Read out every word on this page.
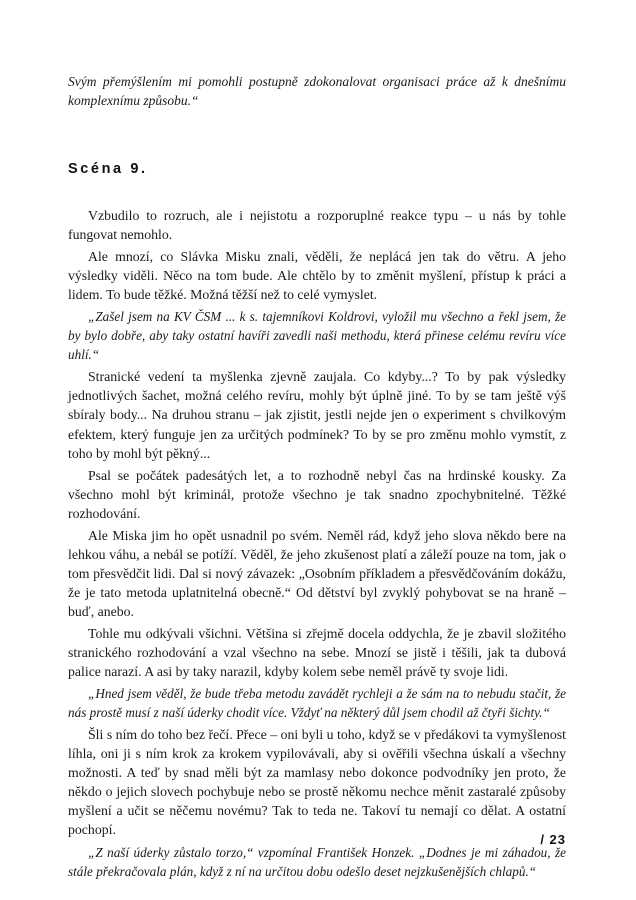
Svým přemýšlením mi pomohli postupně zdokonalovat organisaci práce až k dnešnímu komplexnímu způsobu.“
Scéna 9.

Vzbudilo to rozruch, ale i nejistotu a rozporuplné reakce typu – u nás by tohle fungovat nemohlo.

Ale mnozí, co Slávka Misku znali, věděli, že neplácá jen tak do větru. A jeho výsledky viděli. Něco na tom bude. Ale chtělo by to změnit myšlení, přístup k práci a lidem. To bude těžké. Možná těžší než to celé vymyslet.

„Zašel jsem na KV ČSM ... k s. tajemníkovi Koldrovi, vyložil mu všechno a řekl jsem, že by bylo dobře, aby taky ostatní havíři zavedli naši methodu, která přinese celému revíru více uhlí.“

Stranické vedení ta myšlenka zjevně zaujala. Co kdyby...? To by pak výsledky jednotlivých šachet, možná celého revíru, mohly být úplně jiné. To by se tam ještě výš sbíraly body... Na druhou stranu – jak zjistit, jestli nejde jen o experiment s chvilkovým efektem, který funguje jen za určitých podmínek? To by se pro změnu mohlo vymstít, z toho by mohl být pěkný...

Psal se počátek padesátých let, a to rozhodně nebyl čas na hrdinské kousky. Za všechno mohl být kriminál, protože všechno je tak snadno zpochybnitelné. Těžké rozhodování.

Ale Miska jim ho opět usnadnil po svém. Neměl rád, když jeho slova někdo bere na lehkou váhu, a nebál se potíží. Věděl, že jeho zkušenost platí a záleží pouze na tom, jak o tom přesvědčit lidi. Dal si nový závazek: „Osobním příkladem a přesvědčováním dokážu, že je tato metoda uplatnitelná obecně.“ Od dětství byl zvyklý pohybovat se na hraně – buď, anebo.

Tohle mu odkývali všichni. Většina si zřejmě docela oddychla, že je zbavil složitého stranického rozhodování a vzal všechno na sebe. Mnozí se jistě i těšili, jak ta dubová palice narazí. A asi by taky narazil, kdyby kolem sebe neměl právě ty svoje lidi.

„Hned jsem věděl, že bude třeba metodu zavádět rychleji a že sám na to nebudu stačit, že nás prostě musí z naší úderky chodit více. Vždyť na některý důl jsem chodil až čtyři šichty.“

Šli s ním do toho bez řečí. Přece – oni byli u toho, když se v předákovi ta vymyšlenost líhla, oni ji s ním krok za krokem vypilovávali, aby si ověřili všechna úskalí a všechny možnosti. A teď by snad měli být za mamlasy nebo dokonce podvodníky jen proto, že někdo o jejich slovech pochybuje nebo se prostě někomu nechce měnit zastaralé způsoby myšlení a učit se něčemu novému? Tak to teda ne. Takoví tu nemají co dělat. A ostatní pochopí.

„Z naší úderky zůstalo torzo,“ vzpomínal František Honzek. „Dodnes je mi záhadou, že stále překračovala plán, když z ní na určitou dobu odešlo deset nejzkušenějších chlapů.“

/ 23
